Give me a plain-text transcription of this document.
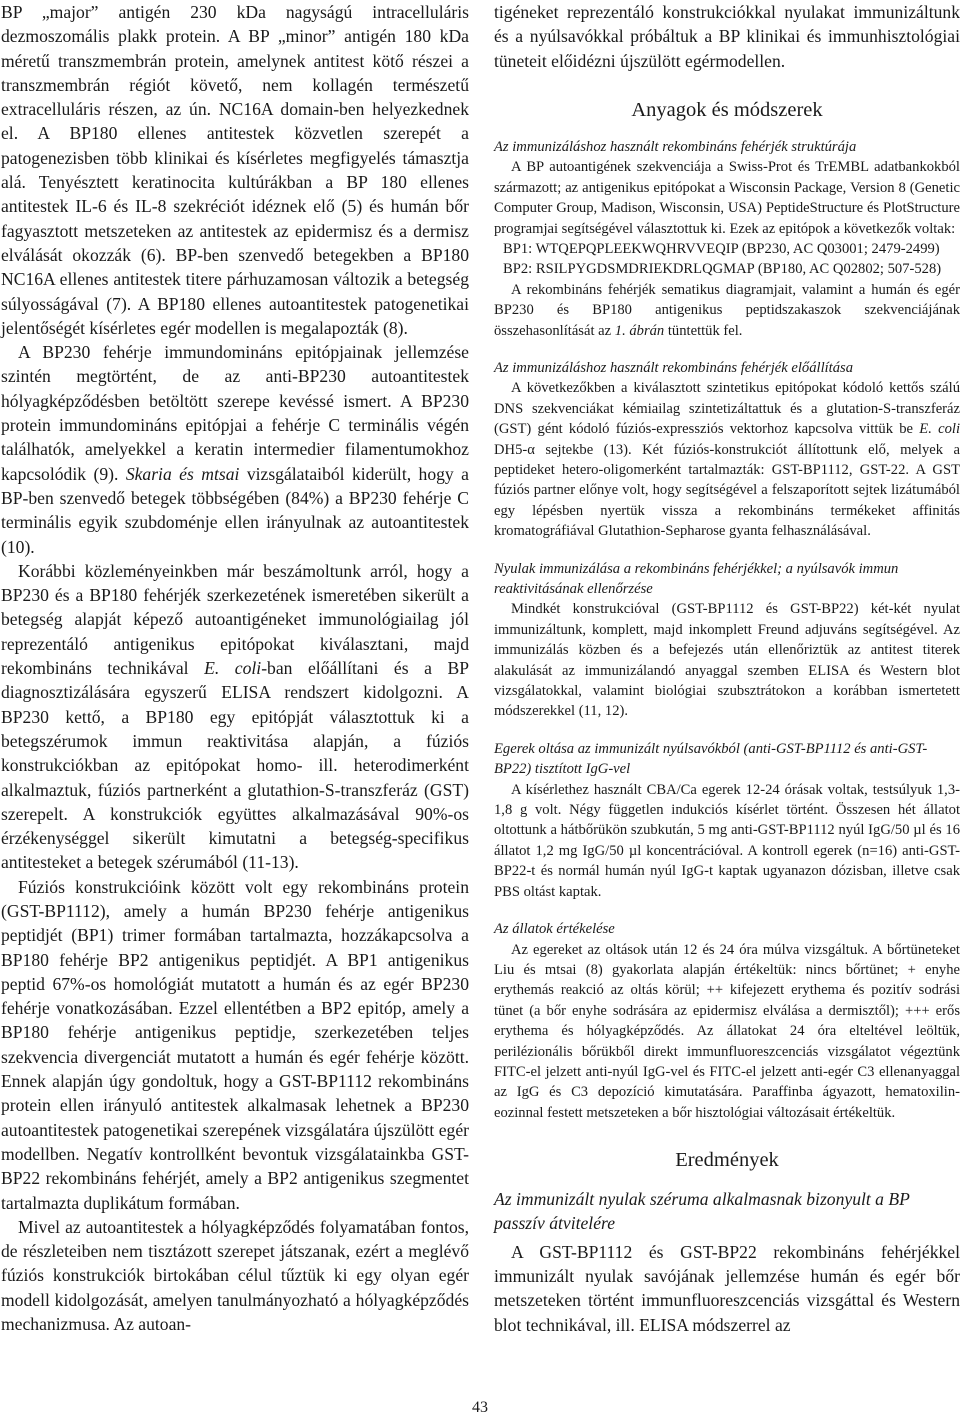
BP „major” antigén 230 kDa nagyságú intracelluláris dezmoszomális plakk protein. A BP „minor” antigén 180 kDa méretű transzmembrán protein, amelynek antitest kötő részei a transzmembrán régiót követő, nem kollagén természetű extracelluláris részen, az ún. NC16A domain-ben helyezkednek el. A BP180 ellenes antitestek közvetlen szerepét a patogenezisben több klinikai és kísérletes megfigyelés támasztja alá. Tenyésztett keratinocita kultúrákban a BP 180 ellenes antitestek IL-6 és IL-8 szekréciót idéznek elő (5) és humán bőr fagyasztott metszeteken az antitestek az epidermisz és a dermisz elválását okozzák (6). BP-ben szenvedő betegekben a BP180 NC16A ellenes antitestek titere párhuzamosan változik a betegség súlyosságával (7). A BP180 ellenes autoantitestek patogenetikai jelentőségét kísérletes egér modellen is megalapozták (8).

A BP230 fehérje immundomináns epitópjainak jellemzése szintén megtörtént, de az anti-BP230 autoantitestek hólyagképződésben betöltött szerepe kevéssé ismert. A BP230 protein immundomináns epitópjai a fehérje C terminális végén találhatók, amelyekkel a keratin intermedier filamentumokhoz kapcsolódik (9). Skaria és mtsai vizsgálataiból kiderült, hogy a BP-ben szenvedő betegek többségében (84%) a BP230 fehérje C terminális egyik szubdoménje ellen irányulnak az autoantitestek (10).

Korábbi közleményeinkben már beszámoltunk arról, hogy a BP230 és a BP180 fehérjék szerkezetének ismeretében sikerült a betegség alapját képező autoantigéneket immunológiailag jól reprezentáló antigenikus epitópokat kiválasztani, majd rekombináns technikával E. coli-ban előállítani és a BP diagnosztizálására egyszerű ELISA rendszert kidolgozni. A BP230 kettő, a BP180 egy epitópját választottuk ki a betegszérumok immun reaktivitása alapján, a fúziós konstrukciókban az epitópokat homo- ill. heterodimerként alkalmaztuk, fúziós partnerként a glutathion-S-transzferáz (GST) szerepelt. A konstrukciók együttes alkalmazásával 90%-os érzékenységgel sikerült kimutatni a betegség-specifikus antitesteket a betegek szérumából (11-13).

Fúziós konstrukcióink között volt egy rekombináns protein (GST-BP1112), amely a humán BP230 fehérje antigenikus peptidjét (BP1) trimer formában tartalmazta, hozzákapcsolva a BP180 fehérje BP2 antigenikus peptidjét. A BP1 antigenikus peptid 67%-os homológiát mutatott a humán és az egér BP230 fehérje vonatkozásában. Ezzel ellentétben a BP2 epitóp, amely a BP180 fehérje antigenikus peptidje, szerkezetében teljes szekvencia divergenciát mutatott a humán és egér fehérje között. Ennek alapján úgy gondoltuk, hogy a GST-BP1112 rekombináns protein ellen irányuló antitestek alkalmasak lehetnek a BP230 autoantitestek patogenetikai szerepének vizsgálatára újszülött egér modellben. Negatív kontrollként bevontuk vizsgálatainkba GST-BP22 rekombináns fehérjét, amely a BP2 antigenikus szegmentet tartalmazta duplikátum formában.

Mivel az autoantitestek a hólyagképződés folyamatában fontos, de részleteiben nem tisztázott szerepet játszanak, ezért a meglévő fúziós konstrukciók birtokában célul tűztük ki egy olyan egér modell kidolgozását, amelyen tanulmányozható a hólyagképződés mechanizmusa. Az autoan-

tigéneket reprezentáló konstrukciókkal nyulakat immunizáltunk és a nyúlsavókkal próbáltuk a BP klinikai és immunhisztológiai tüneteit előidézni újszülött egérmodellen.

Anyagok és módszerek

Az immunizáláshoz használt rekombináns fehérjék struktúrája

A BP autoantigének szekvenciája a Swiss-Prot és TrEMBL adatbankokból származott; az antigenikus epitópokat a Wisconsin Package, Version 8 (Genetic Computer Group, Madison, Wisconsin, USA) PeptideStructure és PlotStructure programjai segítségével választottuk ki. Ezek az epitópok a következők voltak:

BP1: WTQEPQPLEEKWQHRVVEQIP (BP230, AC Q03001; 2479-2499)

BP2: RSILPYGDSMDRIEKDRLQGMAP (BP180, AC Q02802; 507-528)

A rekombináns fehérjék sematikus diagramjait, valamint a humán és egér BP230 és BP180 antigenikus peptidszakaszok szekvenciájának összehasonlítását az 1. ábrán tüntettük fel.

Az immunizáláshoz használt rekombináns fehérjék előállítása

A következőkben a kiválasztott szintetikus epitópokat kódoló kettős szálú DNS szekvenciákat kémiailag szintetizáltattuk és a glutation-S-transzferáz (GST) gént kódoló fúziós-expressziós vektorhoz kapcsolva vittük be E. coli DH5-α sejtekbe (13). Két fúziós-konstrukciót állítottunk elő, melyek a peptideket hetero-oligomerként tartalmazták: GST-BP1112, GST-22. A GST fúziós partner előnye volt, hogy segítségével a felszaporított sejtek lizátumából egy lépésben nyertük vissza a rekombináns termékeket affinitás kromatográfiával Glutathion-Sepharose gyanta felhasználásával.

Nyulak immunizálása a rekombináns fehérjékkel; a nyúlsavók immun reaktivitásának ellenőrzése

Mindkét konstrukcióval (GST-BP1112 és GST-BP22) két-két nyulat immunizáltunk, komplett, majd inkomplett Freund adjuváns segítségével. Az immunizálás közben és a befejezés után ellenőriztük az antitest titerek alakulását az immunizálandó anyaggal szemben ELISA és Western blot vizsgálatokkal, valamint biológiai szubsztrátokon a korábban ismertetett módszerekkel (11, 12).

Egerek oltása az immunizált nyúlsavókból (anti-GST-BP1112 és anti-GST-BP22) tisztított IgG-vel

A kísérlethez használt CBA/Ca egerek 12-24 órásak voltak, testsúlyuk 1,3-1,8 g volt. Négy független indukciós kísérlet történt. Összesen hét állatot oltottunk a hátbőrükön szubkután, 5 mg anti-GST-BP1112 nyúl IgG/50 µl és 16 állatot 1,2 mg IgG/50 µl koncentrációval. A kontroll egerek (n=16) anti-GST-BP22-t és normál humán nyúl IgG-t kaptak ugyanazon dózisban, illetve csak PBS oltást kaptak.

Az állatok értékelése

Az egereket az oltások után 12 és 24 óra múlva vizsgáltuk. A bőrtüneteket Liu és mtsai (8) gyakorlata alapján értékeltük: nincs bőrtünet; + enyhe erythemás reakció az oltás körül; ++ kifejezett erythema és pozitív sodrási tünet (a bőr enyhe sodrására az epidermisz elválása a dermisztől); +++ erős erythema és hólyagképződés. Az állatokat 24 óra elteltével leöltük, perilézionális bőrükből direkt immunfluoreszcenciás vizsgálatot végeztünk FITC-el jelzett anti-nyúl IgG-vel és FITC-el jelzett anti-egér C3 ellenanyaggal az IgG és C3 depozíció kimutatására. Paraffinba ágyazott, hematoxilin-eozinnal festett metszeteken a bőr hisztológiai változásait értékeltük.

Eredmények

Az immunizált nyulak széruma alkalmasnak bizonyult a BP passzív átvitelére

A GST-BP1112 és GST-BP22 rekombináns fehérjékkel immunizált nyulak savójának jellemzése humán és egér bőr metszeteken történt immunfluoreszcenciás vizsgáttal és Western blot technikával, ill. ELISA módszerrel az

43
